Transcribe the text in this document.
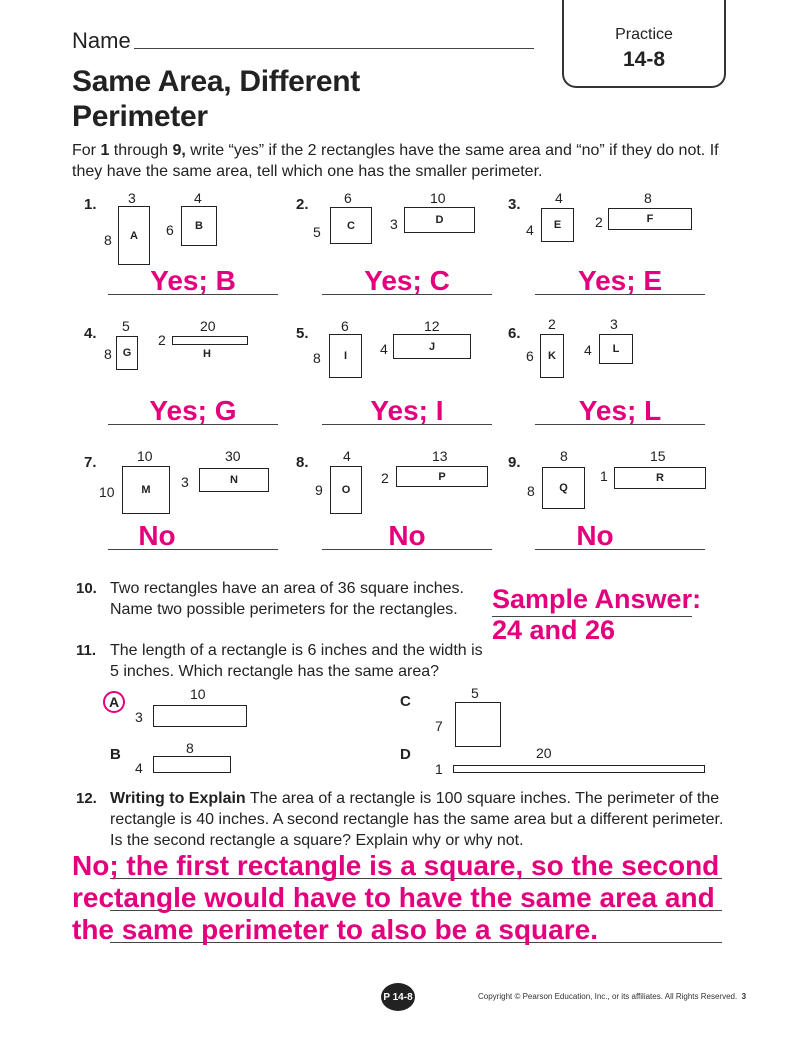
Name	Practice
14-8
Same Area, Different
Perimeter
For 1 through 9, write “yes” if the 2 rectangles have the same area and “no” if they do not. If they have the same area, tell which one has the smaller perimeter.
1. 3
8	A
4
6	B
Yes; B
2.	6
5	C
10
3	D
Yes; C
3. 4
4	E
8
2	F
Yes; E
4. 5
8 G
20
2
H
Yes; G
5. 6
8	I
12
4	J
Yes; I
6.
2
6	K
3
4	L
Yes; L
7.	10
10	M
30
3	N
No
8. 4
9	O
13
2	P
No
9.	8
8	Q
15
1	R
No
10. Two rectangles have an area of 36 square inches.
Name two possible perimeters for the rectangles. Sample Answer:
24 and 26
11. The length of a rectangle is 6 inches and the width is
5 inches. Which rectangle has the same area?
A	10
3
B	8
4
C	5
7
D	20
1
12. Writing to Explain The area of a rectangle is 100 square inches. The perimeter of the rectangle is 40 inches. A second rectangle has the same area but a different perimeter. Is the second rectangle a square? Explain why or why not.
No; the first rectangle is a square, so the second rectangle would have to have the same area and the same perimeter to also be a square.
P 14-8	Copyright © Pearson Education, Inc., or its affiliates. All Rights Reserved. 3
